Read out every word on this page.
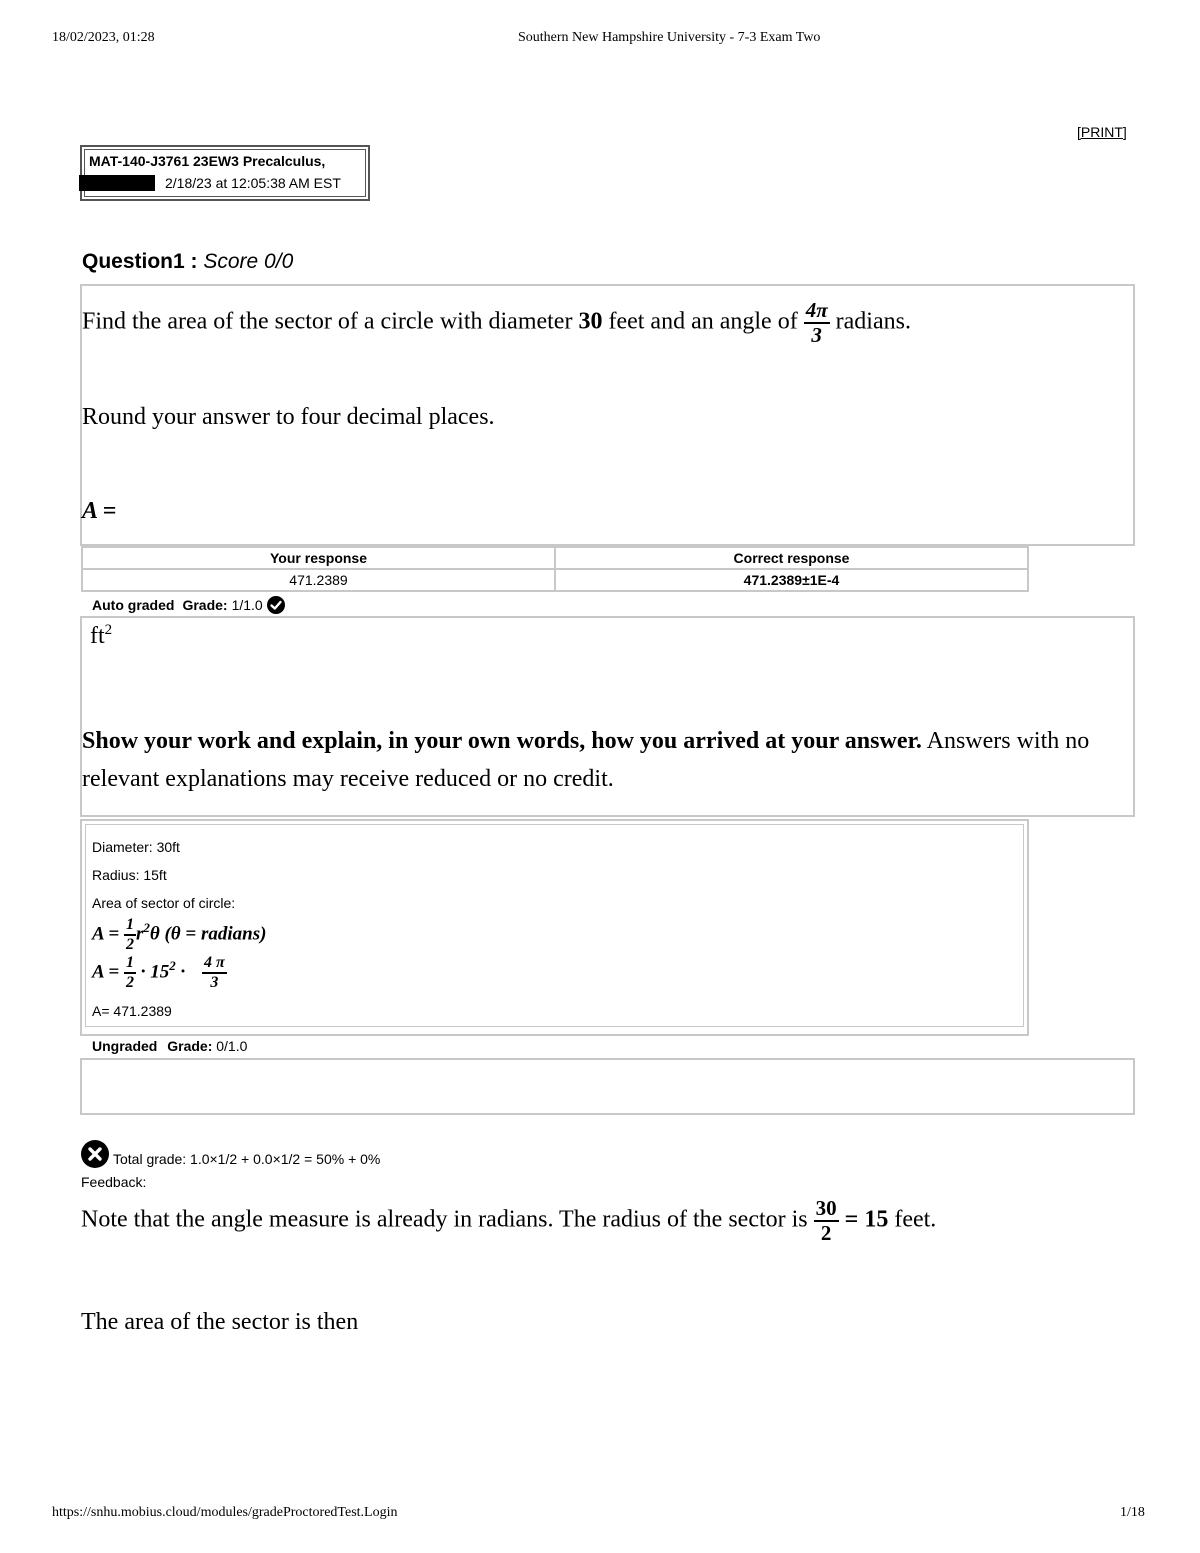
18/02/2023, 01:28	Southern New Hampshire University - 7-3 Exam Two
[PRINT]
MAT-140-J3761 23EW3 Precalculus,
2/18/23 at 12:05:38 AM EST
Question1 : Score 0/0
Find the area of the sector of a circle with diameter 30 feet and an angle of $\frac{4\pi}{3}$ radians.
Round your answer to four decimal places.
A =
Your response	Correct response
471.2389	471.2389±1E-4
Auto graded Grade: 1/1.0
$ft^2$
Show your work and explain, in your own words, how you arrived at your answer. Answers with no relevant explanations may receive reduced or no credit.
Diameter: 30ft
Radius: 15ft
Area of sector of circle:
$A = \frac{1}{2} r^2\theta$ (θ = radians)
$A = \frac{1}{2} \cdot 15^2 \cdot \frac{4 \pi}{3}$
A= 471.2389
Ungraded Grade: 0/1.0
Total grade: 1.0×1/2 + 0.0×1/2 = 50% + 0%
Feedback:
Note that the angle measure is already in radians. The radius of the sector is $\frac{30}{2} = 15$ feet.
The area of the sector is then
https://snhu.mobius.cloud/modules/gradeProctoredTest.Login	1/18
